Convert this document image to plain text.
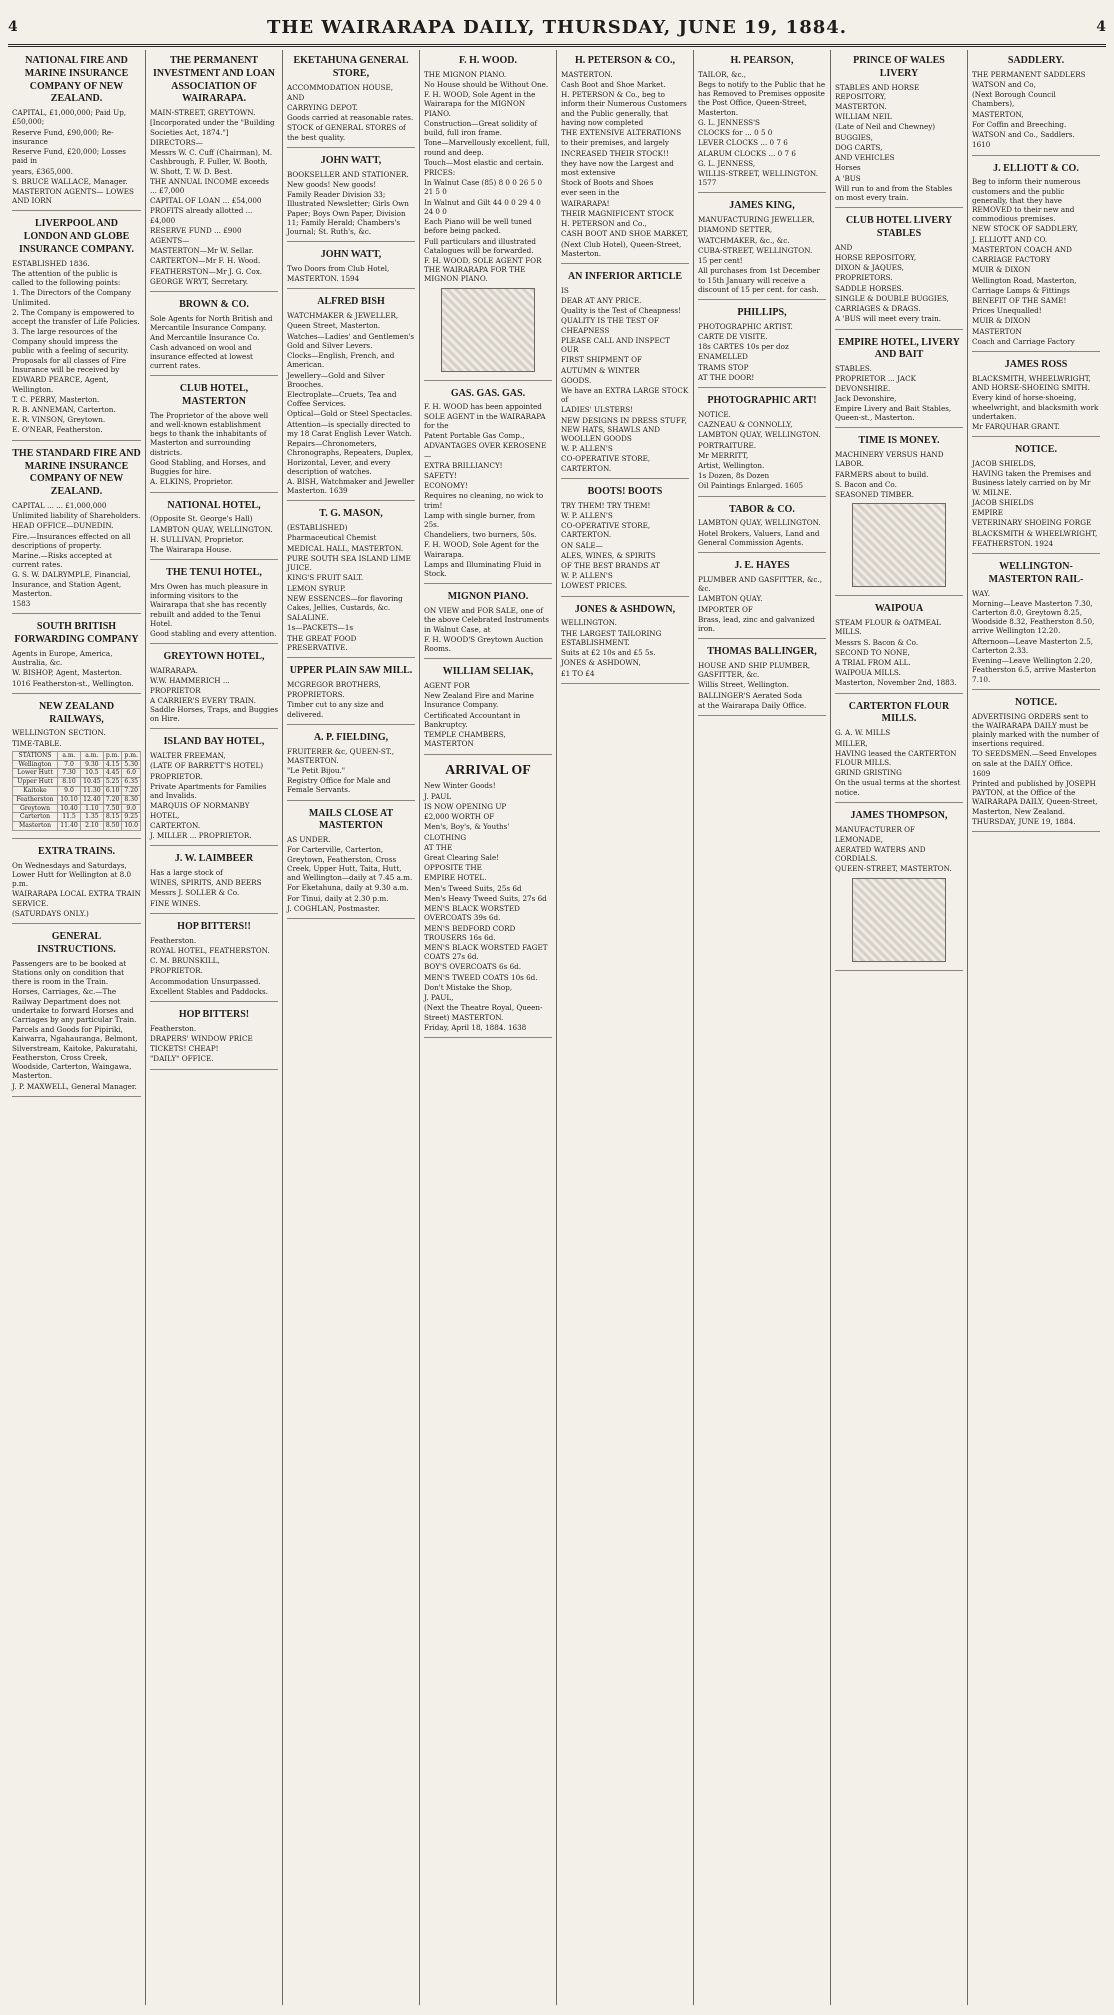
4	THE WAIRARAPA DAILY, THURSDAY, JUNE 19, 1884.	4
NATIONAL FIRE AND MARINE INSURANCE COMPANY OF NEW ZEALAND.
CAPITAL, £1,000,000; Paid Up, £50,000;
Reserve Fund, £90,000; Re-insurance
Reserve Fund, £20,000; Losses paid in
years, £365,000.
S. BRUCE WALLACE, Manager.
MASTERTON AGENTS— LOWES AND IORN
LIVERPOOL AND LONDON AND GLOBE INSURANCE COMPANY.
ESTABLISHED 1836.
The attention of the public is called to the following points:
1. The Directors of the Company Unlimited.
2. The Company is empowered to accept the transfer of Life Policies.
3. The large resources of the Company should impress the public with a feeling of security.
Proposals for all classes of Fire Insurance will be received by
EDWARD PEARCE, Agent, Wellington.
T. C. PERRY, Masterton.
R. B. ANNEMAN, Carterton.
E. R. VINSON, Greytown.
E. O'NEAR, Featherston.
THE STANDARD FIRE AND MARINE INSURANCE COMPANY OF NEW ZEALAND.
CAPITAL ... ... £1,000,000
Unlimited liability of Shareholders.
HEAD OFFICE—DUNEDIN.
Fire.—Insurances effected on all descriptions of property.
Marine.—Risks accepted at current rates.
G. S. W. DALRYMPLE, Financial, Insurance, and Station Agent, Masterton.
1583
SOUTH BRITISH FORWARDING COMPANY
Agents in Europe, America, Australia, &c.
W. BISHOP, Agent, Masterton.
1016 Featherston-st., Wellington.
NEW ZEALAND RAILWAYS,
WELLINGTON SECTION.
TIME-TABLE.
STATIONS	a.m.	a.m.	p.m.	p.m.
Wellington	7.0	9.30	4.15	5.30
Lower Hutt	7.30	10.5	4.45	6.0
Upper Hutt	8.10	10.45	5.25	6.35
Kaitoke	9.0	11.30	6.10	7.20
Featherston	10.10	12.40	7.20	8.30
Greytown	10.40	1.10	7.50	9.0
Carterton	11.5	1.35	8.15	9.25
Masterton	11.40	2.10	8.50	10.0
EXTRA TRAINS.
On Wednesdays and Saturdays, Lower Hutt for Wellington at 8.0 p.m.
WAIRARAPA LOCAL EXTRA TRAIN SERVICE.
(SATURDAYS ONLY.)
GENERAL INSTRUCTIONS.
Passengers are to be booked at Stations only on condition that there is room in the Train.
Horses, Carriages, &c.—The Railway Department does not undertake to forward Horses and Carriages by any particular Train.
Parcels and Goods for Pipiriki, Kaiwarra, Ngahauranga, Belmont, Silverstream, Kaitoke, Pakuratahi, Featherston, Cross Creek, Woodside, Carterton, Waingawa, Masterton.
J. P. MAXWELL, General Manager.
THE PERMANENT INVESTMENT AND LOAN ASSOCIATION OF WAIRARAPA.
MAIN-STREET, GREYTOWN.
[Incorporated under the "Building Societies Act, 1874."]
DIRECTORS—
Messrs W. C. Cuff (Chairman), M. Cashbrough, F. Fuller, W. Booth, W. Shott, T. W. D. Best.
THE ANNUAL INCOME exceeds ... £7,000
CAPITAL OF LOAN ... £54,000
PROFITS already allotted ... £4,000
RESERVE FUND ... £900
AGENTS—
MASTERTON—Mr W. Sellar.
CARTERTON—Mr F. H. Wood.
FEATHERSTON—Mr J. G. Cox.
GEORGE WRYT, Secretary.
BROWN & CO.
Sole Agents for North British and Mercantile Insurance Company.
And Mercantile Insurance Co. Cash advanced on wool and insurance effected at lowest current rates.
CLUB HOTEL, MASTERTON
The Proprietor of the above well and well-known establishment begs to thank the inhabitants of Masterton and surrounding districts.
Good Stabling, and Horses, and Buggies for hire.
A. ELKINS, Proprietor.
NATIONAL HOTEL,
(Opposite St. George's Hall)
LAMBTON QUAY, WELLINGTON.
H. SULLIVAN, Proprietor.
The Wairarapa House.
THE TENUI HOTEL,
Mrs Owen has much pleasure in informing visitors to the Wairarapa that she has recently rebuilt and added to the Tenui Hotel.
Good stabling and every attention.
GREYTOWN HOTEL,
WAIRARAPA.
W.W. HAMMERICH ... PROPRIETOR
A CARRIER'S EVERY TRAIN. Saddle Horses, Traps, and Buggies on Hire.
ISLAND BAY HOTEL,
WALTER FREEMAN,
(LATE OF BARRETT'S HOTEL)
PROPRIETOR.
Private Apartments for Families and Invalids.
MARQUIS OF NORMANBY HOTEL,
CARTERTON.
J. MILLER ... PROPRIETOR.
J. W. LAIMBEER
Has a large stock of
WINES, SPIRITS, AND BEERS
Messrs J. SOLLER & Co.
FINE WINES.
HOP BITTERS!!
Featherston.
ROYAL HOTEL, FEATHERSTON.
C. M. BRUNSKILL,
PROPRIETOR.
Accommodation Unsurpassed.
Excellent Stables and Paddocks.
HOP BITTERS!
Featherston.
DRAPERS' WINDOW PRICE
TICKETS! CHEAP!
"DAILY" OFFICE.
EKETAHUNA GENERAL STORE,
ACCOMMODATION HOUSE,
AND
CARRYING DEPOT.
Goods carried at reasonable rates.
STOCK of GENERAL STORES of the best quality.
JOHN WATT,
BOOKSELLER AND STATIONER.
New goods! New goods!
Family Reader Division 33; Illustrated Newsletter; Girls Own Paper; Boys Own Paper, Division 11; Family Herald; Chambers's Journal; St. Ruth's, &c.
JOHN WATT,
Two Doors from Club Hotel,
MASTERTON. 1594
ALFRED BISH
WATCHMAKER & JEWELLER,
Queen Street, Masterton.
Watches—Ladies' and Gentlemen's Gold and Silver Levers.
Clocks—English, French, and American.
Jewellery—Gold and Silver Brooches.
Electroplate—Cruets, Tea and Coffee Services.
Optical—Gold or Steel Spectacles.
Attention—is specially directed to my 18 Carat English Lever Watch.
Repairs—Chronometers, Chronographs, Repeaters, Duplex, Horizontal, Lever, and every description of watches.
A. BISH, Watchmaker and Jeweller Masterton. 1639
T. G. MASON,
(ESTABLISHED)
Pharmaceutical Chemist
MEDICAL HALL, MASTERTON.
PURE SOUTH SEA ISLAND LIME JUICE.
KING'S FRUIT SALT.
LEMON SYRUP.
NEW ESSENCES—for flavoring Cakes, Jellies, Custards, &c.
SALALINE.
1s—PACKETS—1s
THE GREAT FOOD PRESERVATIVE.
UPPER PLAIN SAW MILL.
MCGREGOR BROTHERS,
PROPRIETORS.
Timber cut to any size and delivered.
A. P. FIELDING,
FRUITERER &c, QUEEN-ST., MASTERTON.
"Le Petit Bijou."
Registry Office for Male and Female Servants.
MAILS CLOSE AT MASTERTON
AS UNDER.
For Carterville, Carterton, Greytown, Featherston, Cross Creek, Upper Hutt, Taita, Hutt, and Wellington—daily at 7.45 a.m.
For Eketahuna, daily at 9.30 a.m.
For Tinui, daily at 2.30 p.m.
J. COGHLAN, Postmaster.
F. H. WOOD.
THE MIGNON PIANO.
No House should be Without One.
F. H. WOOD, Sole Agent in the Wairarapa for the MIGNON PIANO.
Construction—Great solidity of build, full iron frame.
Tone—Marvellously excellent, full, round and deep.
Touch—Most elastic and certain.
PRICES:
In Walnut Case (85) 8 0 0 26 5 0 21 5 0
In Walnut and Gilt 44 0 0 29 4 0 24 0 0
Each Piano will be well tuned before being packed.
Full particulars and illustrated Catalogues will be forwarded.
F. H. WOOD, SOLE AGENT FOR THE WAIRARAPA FOR THE MIGNON PIANO.
GAS. GAS. GAS.
F. H. WOOD has been appointed SOLE AGENT in the WAIRARAPA for the
Patent Portable Gas Comp.,
ADVANTAGES OVER KEROSENE—
EXTRA BRILLIANCY!
SAFETY!
ECONOMY!
Requires no cleaning, no wick to trim!
Lamp with single burner, from 25s.
Chandeliers, two burners, 50s.
F. H. WOOD, Sole Agent for the Wairarapa.
Lamps and Illuminating Fluid in Stock.
MIGNON PIANO.
ON VIEW and FOR SALE, one of the above Celebrated Instruments in Walnut Case, at
F. H. WOOD'S Greytown Auction Rooms.
WILLIAM SELIAK,
AGENT FOR
New Zealand Fire and Marine Insurance Company.
Certificated Accountant in Bankruptcy.
TEMPLE CHAMBERS, MASTERTON
ARRIVAL OF
New Winter Goods!
J. PAUL
IS NOW OPENING UP
£2,000 WORTH OF
Men's, Boy's, & Youths'
CLOTHING
AT THE
Great Clearing Sale!
OPPOSITE THE
EMPIRE HOTEL.
Men's Tweed Suits, 25s 6d
Men's Heavy Tweed Suits, 27s 6d
MEN'S BLACK WORSTED OVERCOATS 39s 6d.
MEN'S BEDFORD CORD TROUSERS 16s 6d.
MEN'S BLACK WORSTED FAGET COATS 27s 6d.
BOY'S OVERCOATS 6s 6d.
MEN'S TWEED COATS 10s 6d.
Don't Mistake the Shop,
J. PAUL,
(Next the Theatre Royal, Queen-Street) MASTERTON.
Friday, April 18, 1884. 1638
H. PETERSON & CO.,
MASTERTON.
Cash Boot and Shoe Market.
H. PETERSON & Co., beg to inform their Numerous Customers and the Public generally, that having now completed
THE EXTENSIVE ALTERATIONS
to their premises, and largely
INCREASED THEIR STOCK!!
they have now the Largest and most extensive
Stock of Boots and Shoes
ever seen in the
WAIRARAPA!
THEIR MAGNIFICENT STOCK
H. PETERSON and Co.,
CASH BOOT AND SHOE MARKET,
(Next Club Hotel), Queen-Street, Masterton.
AN INFERIOR ARTICLE
IS
DEAR AT ANY PRICE.
Quality is the Test of Cheapness!
QUALITY IS THE TEST OF CHEAPNESS
PLEASE CALL AND INSPECT OUR
FIRST SHIPMENT OF
AUTUMN & WINTER
GOODS.
We have an EXTRA LARGE STOCK of
LADIES' ULSTERS!
NEW DESIGNS IN DRESS STUFF, NEW HATS, SHAWLS AND WOOLLEN GOODS
W. P. ALLEN'S
CO-OPERATIVE STORE, CARTERTON.
BOOTS! BOOTS
TRY THEM! TRY THEM!
W. P. ALLEN'S
CO-OPERATIVE STORE, CARTERTON.
ON SALE—
ALES, WINES, & SPIRITS
OF THE BEST BRANDS AT
W. P. ALLEN'S
LOWEST PRICES.
JONES & ASHDOWN,
WELLINGTON.
THE LARGEST TAILORING ESTABLISHMENT.
Suits at £2 10s and £5 5s.
JONES & ASHDOWN,
£1 TO £4
H. PEARSON,
TAILOR, &c.,
Begs to notify to the Public that he has Removed to Premises opposite the Post Office, Queen-Street, Masterton.
G. L. JENNESS'S
CLOCKS for ... 0 5 0
LEVER CLOCKS ... 0 7 6
ALARUM CLOCKS ... 0 7 6
G. L. JENNESS,
WILLIS-STREET, WELLINGTON. 1577
JAMES KING,
MANUFACTURING JEWELLER,
DIAMOND SETTER,
WATCHMAKER, &c., &c.
CUBA-STREET, WELLINGTON.
15 per cent!
All purchases from 1st December to 15th January will receive a discount of 15 per cent. for cash.
PHILLIPS,
PHOTOGRAPHIC ARTIST.
CARTE DE VISITE.
18s CARTES 10s per doz
ENAMELLED
TRAMS STOP
AT THE DOOR!
PHOTOGRAPHIC ART!
NOTICE.
CAZNEAU & CONNOLLY,
LAMBTON QUAY, WELLINGTON.
PORTRAITURE.
Mr MERRITT,
Artist, Wellington.
1s Dozen, 8s Dozen
Oil Paintings Enlarged. 1605
TABOR & CO.
LAMBTON QUAY, WELLINGTON.
Hotel Brokers, Valuers, Land and General Commission Agents.
J. E. HAYES
PLUMBER AND GASFITTER, &c., &c.
LAMBTON QUAY.
IMPORTER OF
Brass, lead, zinc and galvanized iron.
THOMAS BALLINGER,
HOUSE AND SHIP PLUMBER, GASFITTER, &c.
Willis Street, Wellington.
BALLINGER'S Aerated Soda
at the Wairarapa Daily Office.
PRINCE OF WALES LIVERY
STABLES AND HORSE REPOSITORY,
MASTERTON.
WILLIAM NEIL
(Late of Neil and Chewney)
BUGGIES,
DOG CARTS,
AND VEHICLES
Horses
A 'BUS
Will run to and from the Stables on most every train.
CLUB HOTEL LIVERY STABLES
AND
HORSE REPOSITORY,
DIXON & JAQUES,
PROPRIETORS.
SADDLE HORSES.
SINGLE & DOUBLE BUGGIES,
CARRIAGES & DRAGS.
A 'BUS will meet every train.
EMPIRE HOTEL, LIVERY AND BAIT
STABLES.
PROPRIETOR ... JACK DEVONSHIRE.
Jack Devonshire,
Empire Livery and Bait Stables, Queen-st., Masterton.
TIME IS MONEY.
MACHINERY VERSUS HAND LABOR.
FARMERS about to build.
S. Bacon and Co.
SEASONED TIMBER.
WAIPOUA
STEAM FLOUR & OATMEAL MILLS.
Messrs S. Bacon & Co.
SECOND TO NONE,
A TRIAL FROM ALL.
WAIPOUA MILLS.
Masterton, November 2nd, 1883.
CARTERTON FLOUR MILLS.
G. A. W. MILLS
MILLER,
HAVING leased the CARTERTON FLOUR MILLS.
GRIND GRISTING
On the usual terms at the shortest notice.
JAMES THOMPSON,
MANUFACTURER OF
LEMONADE,
AERATED WATERS AND CORDIALS.
QUEEN-STREET, MASTERTON.
SADDLERY.
THE PERMANENT SADDLERS
WATSON and Co,
(Next Borough Council Chambers),
MASTERTON,
For Coffin and Breeching.
WATSON and Co., Saddlers.
1610
J. ELLIOTT & CO.
Beg to inform their numerous customers and the public generally, that they have REMOVED to their new and commodious premises.
NEW STOCK OF SADDLERY,
J. ELLIOTT AND CO.
MASTERTON COACH AND
CARRIAGE FACTORY
MUIR & DIXON
Wellington Road, Masterton,
Carriage Lamps & Fittings
BENEFIT OF THE SAME!
Prices Unequalled!
MUIR & DIXON
MASTERTON
Coach and Carriage Factory
JAMES ROSS
BLACKSMITH, WHEELWRIGHT, AND HORSE-SHOEING SMITH.
Every kind of horse-shoeing, wheelwright, and blacksmith work undertaken.
Mr FARQUHAR GRANT.
NOTICE.
JACOB SHIELDS,
HAVING taken the Premises and Business lately carried on by Mr W. MILNE.
JACOB SHIELDS
EMPIRE
VETERINARY SHOEING FORGE
BLACKSMITH & WHEELWRIGHT,
FEATHERSTON. 1924
WELLINGTON-MASTERTON RAIL-
WAY.
Morning—Leave Masterton 7.30, Carterton 8.0, Greytown 8.25, Woodside 8.32, Featherston 8.50, arrive Wellington 12.20.
Afternoon—Leave Masterton 2.5, Carterton 2.33.
Evening—Leave Wellington 2.20, Featherston 6.5, arrive Masterton 7.10.
NOTICE.
ADVERTISING ORDERS sent to the WAIRARAPA DAILY must be plainly marked with the number of insertions required.
TO SEEDSMEN.—Seed Envelopes on sale at the DAILY Office.
1609
Printed and published by JOSEPH PAYTON, at the Office of the WAIRARAPA DAILY, Queen-Street, Masterton, New Zealand.
THURSDAY, JUNE 19, 1884.
